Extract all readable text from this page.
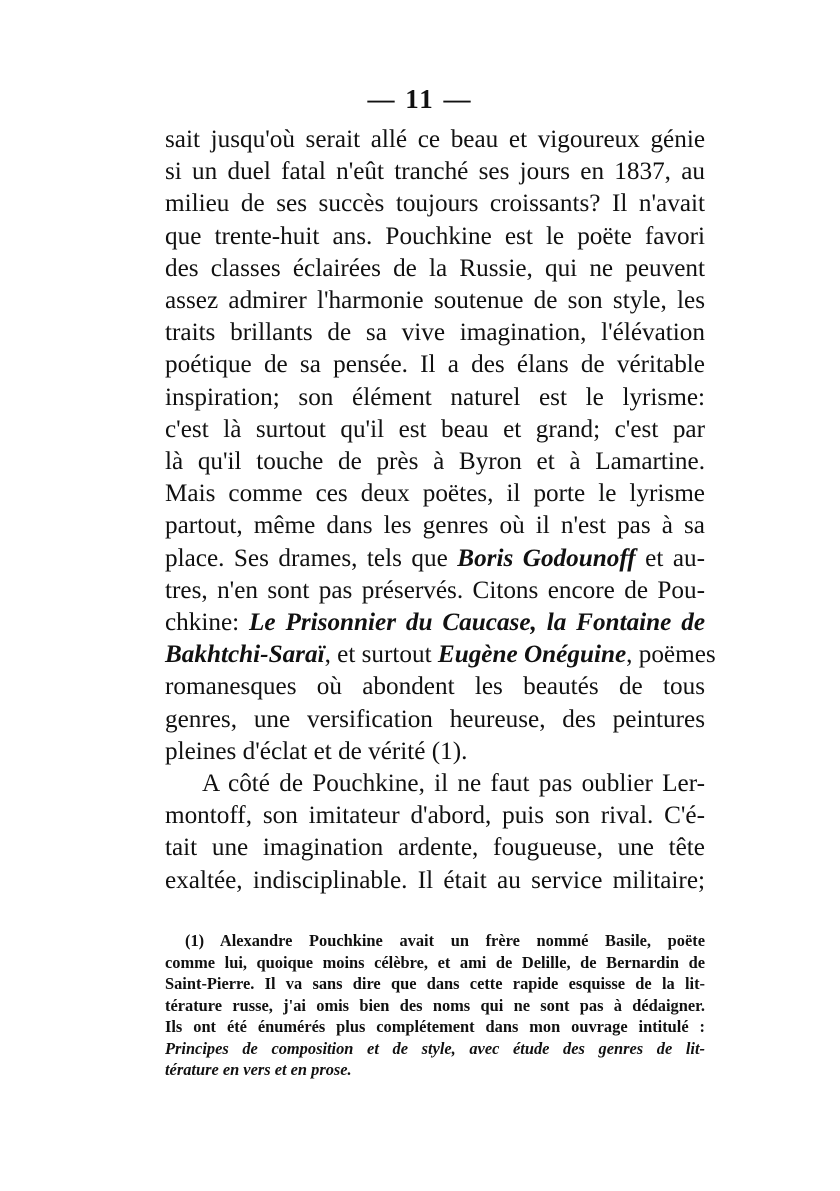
— 11 —
sait jusqu'où serait allé ce beau et vigoureux génie
si un duel fatal n'eût tranché ses jours en 1837, au
milieu de ses succès toujours croissants? Il n'avait
que trente-huit ans. Pouchkine est le poëte favori
des classes éclairées de la Russie, qui ne peuvent
assez admirer l'harmonie soutenue de son style, les
traits brillants de sa vive imagination, l'élévation
poétique de sa pensée. Il a des élans de véritable
inspiration; son élément naturel est le lyrisme:
c'est là surtout qu'il est beau et grand; c'est par
là qu'il touche de près à Byron et à Lamartine.
Mais comme ces deux poëtes, il porte le lyrisme
partout, même dans les genres où il n'est pas à sa
place. Ses drames, tels que Boris Godounoff et au-
tres, n'en sont pas préservés. Citons encore de Pou-
chkine: Le Prisonnier du Caucase, la Fontaine de
Bakhtchi-Saraï, et surtout Eugène Onéguine, poëmes
romanesques où abondent les beautés de tous
genres, une versification heureuse, des peintures
pleines d'éclat et de vérité (1).
A côté de Pouchkine, il ne faut pas oublier Ler-
montoff, son imitateur d'abord, puis son rival. C'é-
tait une imagination ardente, fougueuse, une tête
exaltée, indisciplinable. Il était au service militaire;
(1) Alexandre Pouchkine avait un frère nommé Basile, poëte
comme lui, quoique moins célèbre, et ami de Delille, de Bernardin de
Saint-Pierre. Il va sans dire que dans cette rapide esquisse de la lit-
térature russe, j'ai omis bien des noms qui ne sont pas à dédaigner.
Ils ont été énumérés plus complétement dans mon ouvrage intitulé :
Principes de composition et de style, avec étude des genres de lit-
térature en vers et en prose.
